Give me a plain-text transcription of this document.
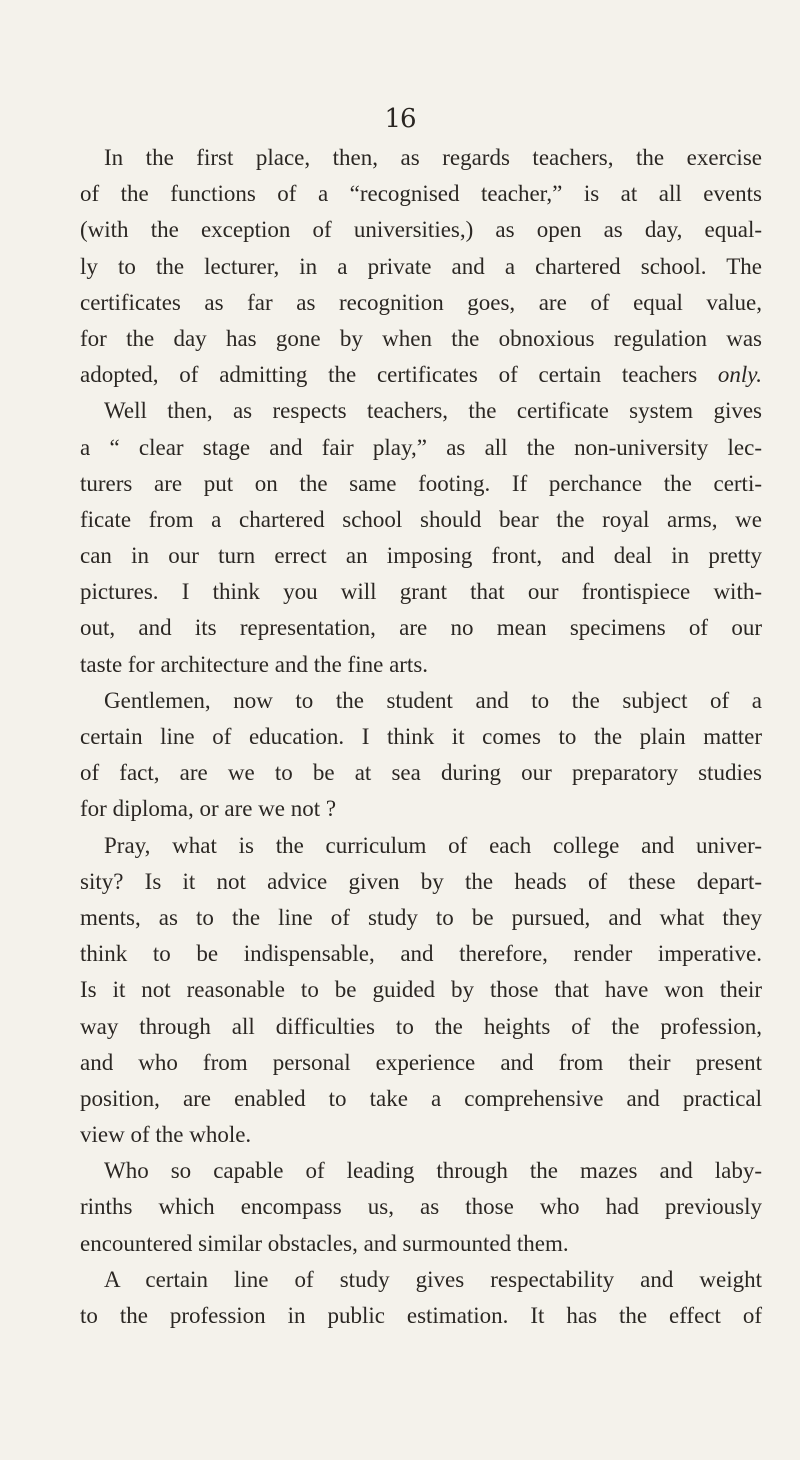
16
In the first place, then, as regards teachers, the exercise
of the functions of a “recognised teacher,” is at all events
(with the exception of universities,) as open as day, equal-
ly to the lecturer, in a private and a chartered school. The
certificates as far as recognition goes, are of equal value,
for the day has gone by when the obnoxious regulation was
adopted, of admitting the certificates of certain teachers only.
Well then, as respects teachers, the certificate system gives
a “ clear stage and fair play,” as all the non-university lec-
turers are put on the same footing. If perchance the certi-
ficate from a chartered school should bear the royal arms, we
can in our turn errect an imposing front, and deal in pretty
pictures. I think you will grant that our frontispiece with-
out, and its representation, are no mean specimens of our
taste for architecture and the fine arts.
Gentlemen, now to the student and to the subject of a
certain line of education. I think it comes to the plain matter
of fact, are we to be at sea during our preparatory studies
for diploma, or are we not ?
Pray, what is the curriculum of each college and univer-
sity? Is it not advice given by the heads of these depart-
ments, as to the line of study to be pursued, and what they
think to be indispensable, and therefore, render imperative.
Is it not reasonable to be guided by those that have won their
way through all difficulties to the heights of the profession,
and who from personal experience and from their present
position, are enabled to take a comprehensive and practical
view of the whole.
Who so capable of leading through the mazes and laby-
rinths which encompass us, as those who had previously
encountered similar obstacles, and surmounted them.
A certain line of study gives respectability and weight
to the profession in public estimation. It has the effect of
